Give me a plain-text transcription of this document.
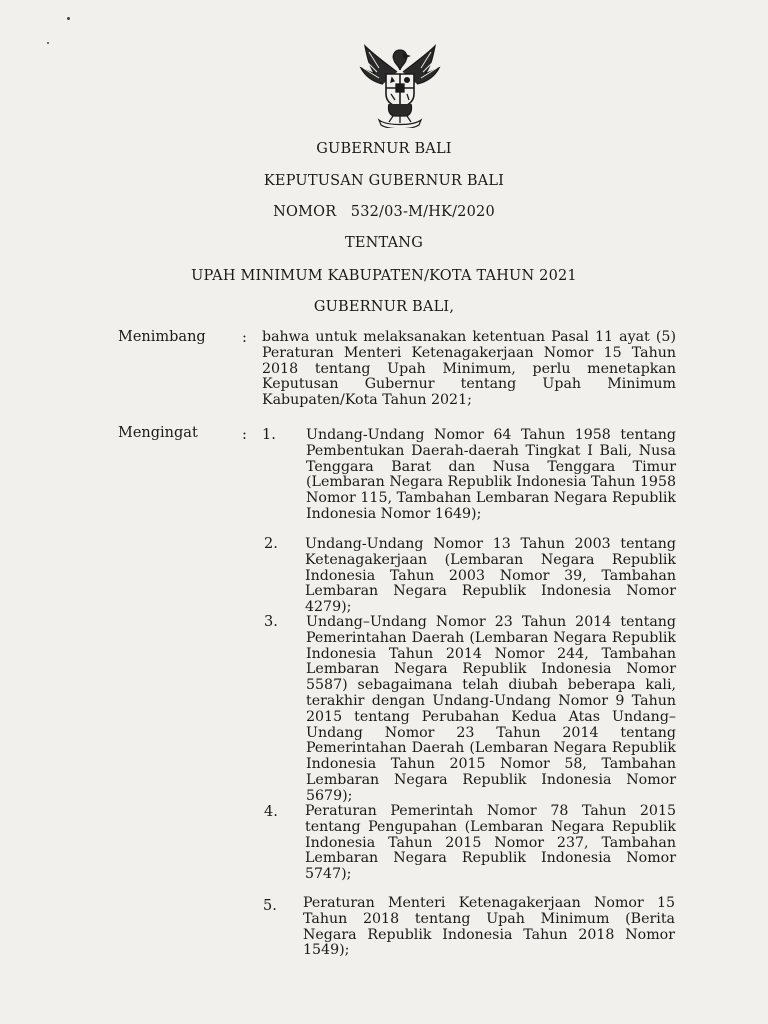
GUBERNUR BALI
KEPUTUSAN GUBERNUR BALI
NOMOR   532/03-M/HK/2020
TENTANG
UPAH MINIMUM KABUPATEN/KOTA TAHUN 2021
GUBERNUR BALI,
Menimbang	: bahwa untuk melaksanakan ketentuan Pasal 11 ayat (5) Peraturan Menteri Ketenagakerjaan Nomor 15 Tahun 2018 tentang Upah Minimum, perlu menetapkan Keputusan Gubernur tentang Upah Minimum Kabupaten/Kota Tahun 2021;
Mengingat	: 1. Undang-Undang Nomor 64 Tahun 1958 tentang Pembentukan Daerah-daerah Tingkat I Bali, Nusa Tenggara Barat dan Nusa Tenggara Timur (Lembaran Negara Republik Indonesia Tahun 1958 Nomor 115, Tambahan Lembaran Negara Republik Indonesia Nomor 1649);
2. Undang-Undang Nomor 13 Tahun 2003 tentang Ketenagakerjaan (Lembaran Negara Republik Indonesia Tahun 2003 Nomor 39, Tambahan Lembaran Negara Republik Indonesia Nomor 4279);
3. Undang–Undang Nomor 23 Tahun 2014 tentang Pemerintahan Daerah (Lembaran Negara Republik Indonesia Tahun 2014 Nomor 244, Tambahan Lembaran Negara Republik Indonesia Nomor 5587) sebagaimana telah diubah beberapa kali, terakhir dengan Undang-Undang Nomor 9 Tahun 2015 tentang Perubahan Kedua Atas Undang–Undang Nomor 23 Tahun 2014 tentang Pemerintahan Daerah (Lembaran Negara Republik Indonesia Tahun 2015 Nomor 58, Tambahan Lembaran Negara Republik Indonesia Nomor 5679);
4. Peraturan Pemerintah Nomor 78 Tahun 2015 tentang Pengupahan (Lembaran Negara Republik Indonesia Tahun 2015 Nomor 237, Tambahan Lembaran Negara Republik Indonesia Nomor 5747);
5. Peraturan Menteri Ketenagakerjaan Nomor 15 Tahun 2018 tentang Upah Minimum (Berita Negara Republik Indonesia Tahun 2018 Nomor 1549);
